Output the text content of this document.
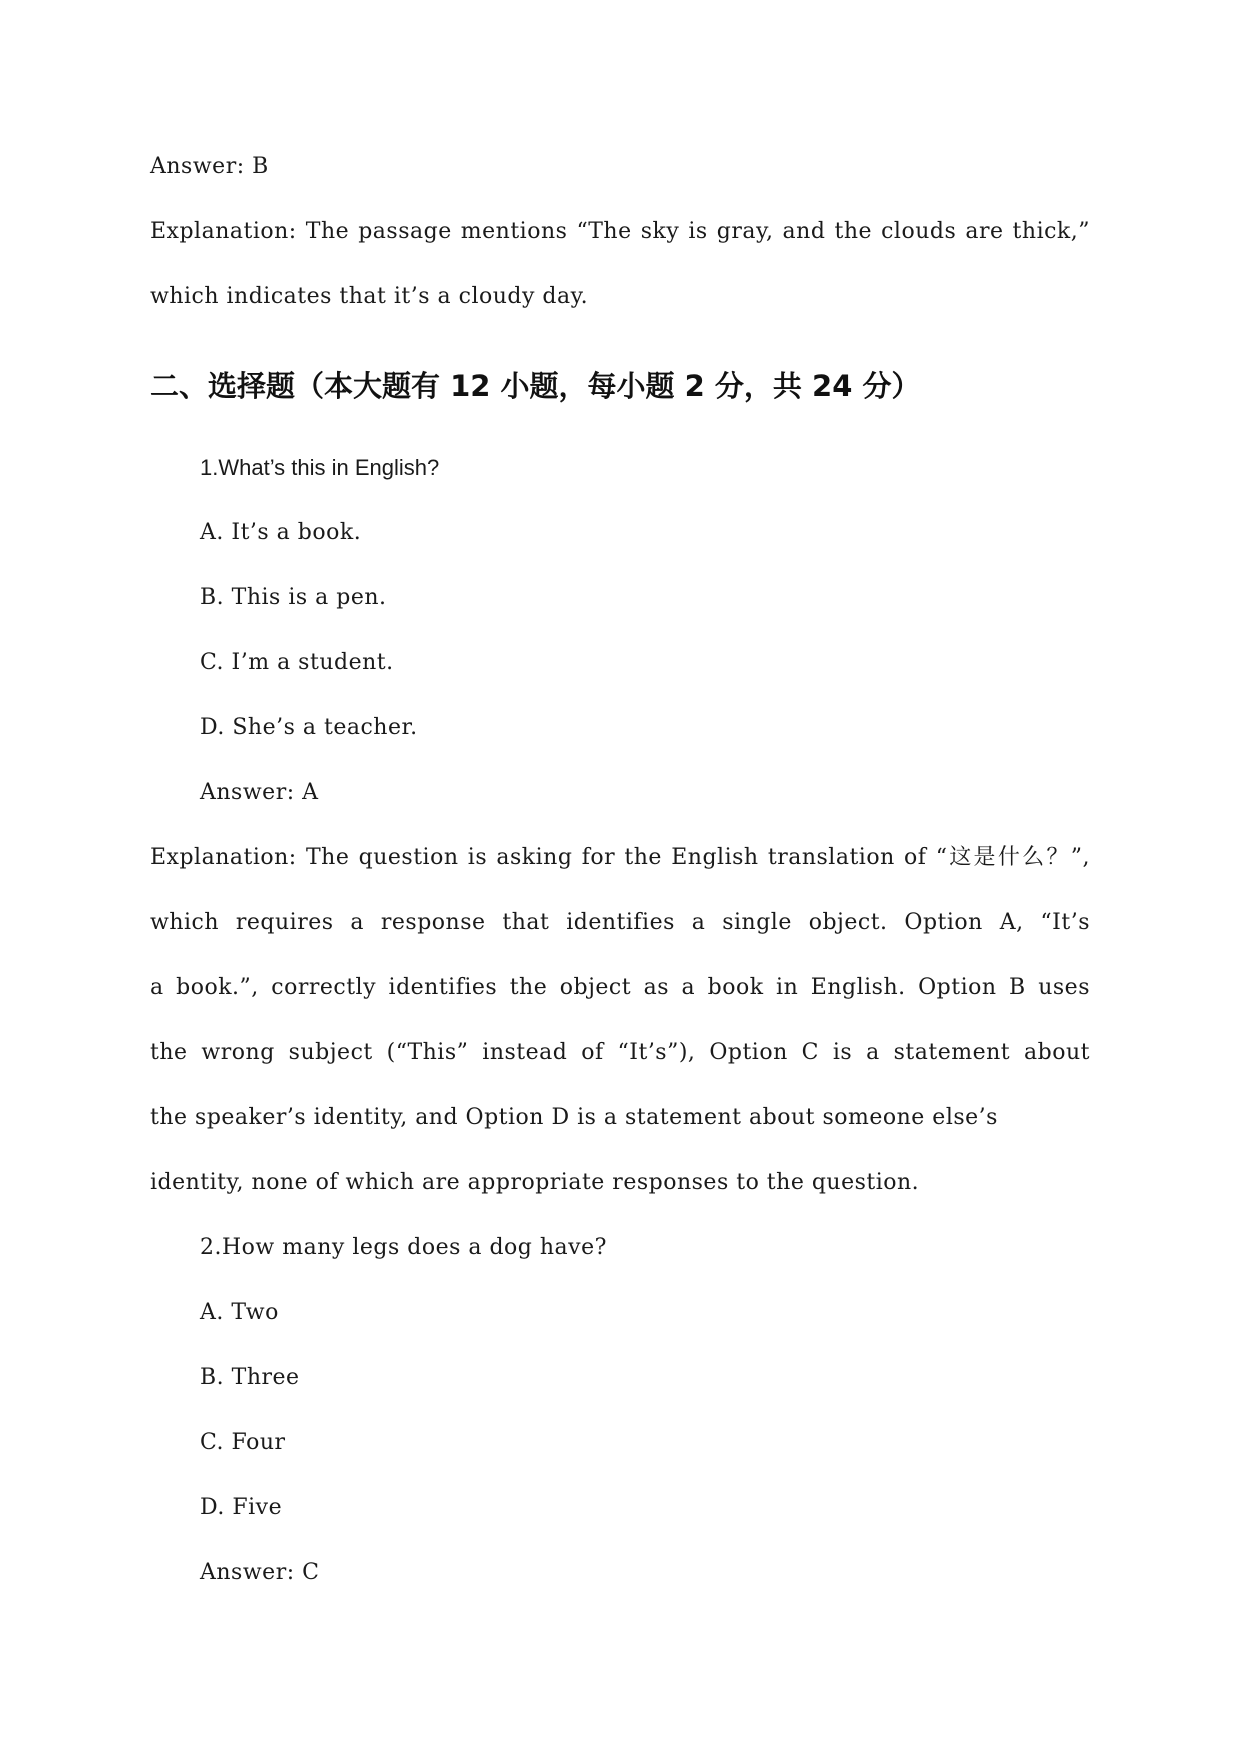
Answer: B
Explanation: The passage mentions “The sky is gray, and the clouds are thick,”
which indicates that it’s a cloudy day.
二、选择题（本大题有 12 小题，每小题 2 分，共 24 分）
1.What’s this in English?
A. It’s a book.
B. This is a pen.
C. I’m a student.
D. She’s a teacher.
Answer: A
Explanation: The question is asking for the English translation of “这是什么？”,
which requires a response that identifies a single object. Option A, “It’s
a book.”, correctly identifies the object as a book in English. Option B uses
the wrong subject (“This” instead of “It’s”), Option C is a statement about
the speaker’s identity, and Option D is a statement about someone else’s
identity, none of which are appropriate responses to the question.
2.How many legs does a dog have?
A. Two
B. Three
C. Four
D. Five
Answer: C
